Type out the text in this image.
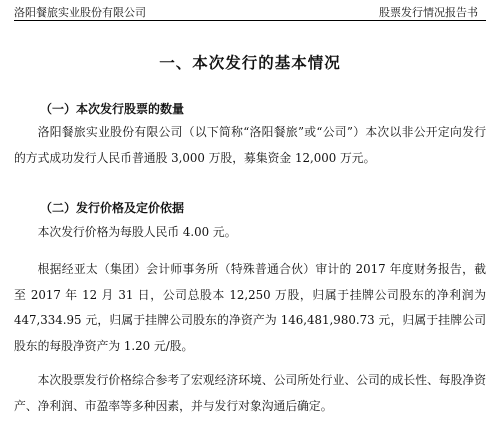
洛阳餐旅实业股份有限公司	股票发行情况报告书
一、本次发行的基本情况

（一）本次发行股票的数量

洛阳餐旅实业股份有限公司（以下简称“洛阳餐旅”或“公司”）本次以非公开定向发行的方式成功发行人民币普通股 3,000 万股，募集资金 12,000 万元。

（二）发行价格及定价依据

本次发行价格为每股人民币 4.00 元。

根据经亚太（集团）会计师事务所（特殊普通合伙）审计的 2017 年度财务报告，截至 2017 年 12 月 31 日，公司总股本 12,250 万股，归属于挂牌公司股东的净利润为 447,334.95 元，归属于挂牌公司股东的净资产为 146,481,980.73 元，归属于挂牌公司股东的每股净资产为 1.20 元/股。

本次股票发行价格综合参考了宏观经济环境、公司所处行业、公司的成长性、每股净资产、净利润、市盈率等多种因素，并与发行对象沟通后确定。
